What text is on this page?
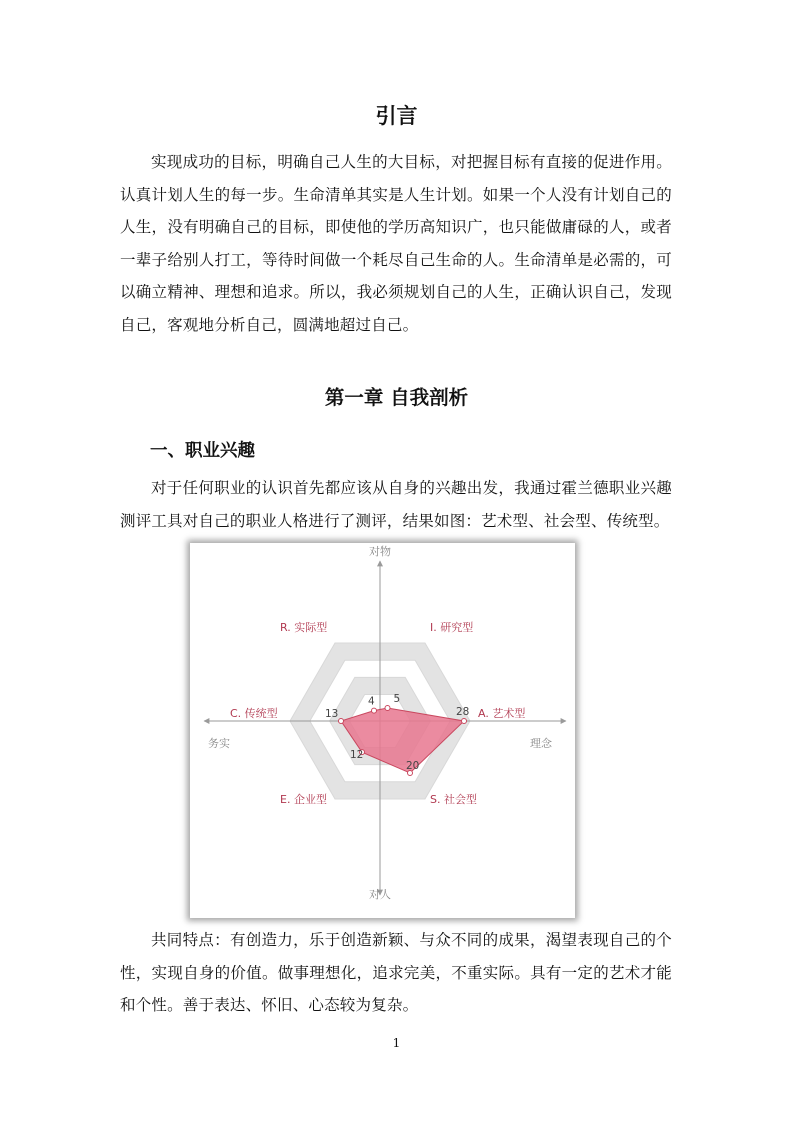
引言

实现成功的目标，明确自己人生的大目标，对把握目标有直接的促进作用。认真计划人生的每一步。生命清单其实是人生计划。如果一个人没有计划自己的人生，没有明确自己的目标，即使他的学历高知识广，也只能做庸碌的人，或者一辈子给别人打工，等待时间做一个耗尽自己生命的人。生命清单是必需的，可以确立精神、理想和追求。所以，我必须规划自己的人生，正确认识自己，发现自己，客观地分析自己，圆满地超过自己。

第一章 自我剖析
一、职业兴趣

对于任何职业的认识首先都应该从自身的兴趣出发，我通过霍兰德职业兴趣测评工具对自己的职业人格进行了测评，结果如图：艺术型、社会型、传统型。

5
28
20
12
13
4
对物
对人
务实	理念
I. 研究型
A. 艺术型
S. 社会型
E. 企业型
C. 传统型
R. 实际型

共同特点：有创造力，乐于创造新颖、与众不同的成果，渴望表现自己的个性，实现自身的价值。做事理想化，追求完美，不重实际。具有一定的艺术才能和个性。善于表达、怀旧、心态较为复杂。

1
